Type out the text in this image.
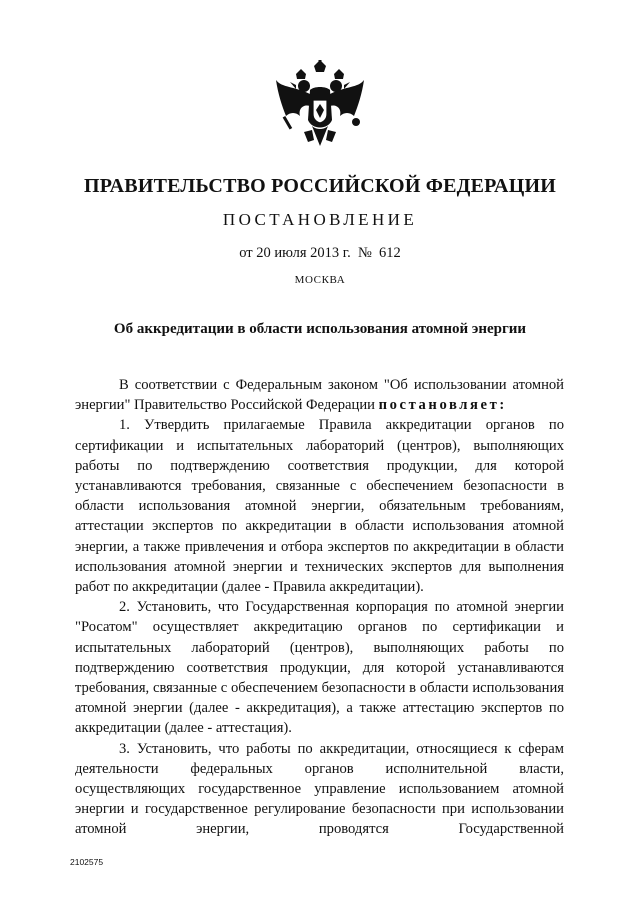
ПРАВИТЕЛЬСТВО РОССИЙСКОЙ ФЕДЕРАЦИИ
ПОСТАНОВЛЕНИЕ
от 20 июля 2013 г.  №  612
МОСКВА
Об аккредитации в области использования атомной энергии

В соответствии с Федеральным законом "Об использовании атомной энергии" Правительство Российской Федерации постановляет:

1. Утвердить прилагаемые Правила аккредитации органов по сертификации и испытательных лабораторий (центров), выполняющих работы по подтверждению соответствия продукции, для которой устанавливаются требования, связанные с обеспечением безопасности в области использования атомной энергии, обязательным требованиям, аттестации экспертов по аккредитации в области использования атомной энергии, а также привлечения и отбора экспертов по аккредитации в области использования атомной энергии и технических экспертов для выполнения работ по аккредитации (далее - Правила аккредитации).

2. Установить, что Государственная корпорация по атомной энергии "Росатом" осуществляет аккредитацию органов по сертификации и испытательных лабораторий (центров), выполняющих работы по подтверждению соответствия продукции, для которой устанавливаются требования, связанные с обеспечением безопасности в области использования атомной энергии (далее - аккредитация), а также аттестацию экспертов по аккредитации (далее - аттестация).

3. Установить, что работы по аккредитации, относящиеся к сферам деятельности федеральных органов исполнительной власти, осуществляющих государственное управление использованием атомной энергии и государственное регулирование безопасности при использовании атомной энергии, проводятся Государственной

2102575
